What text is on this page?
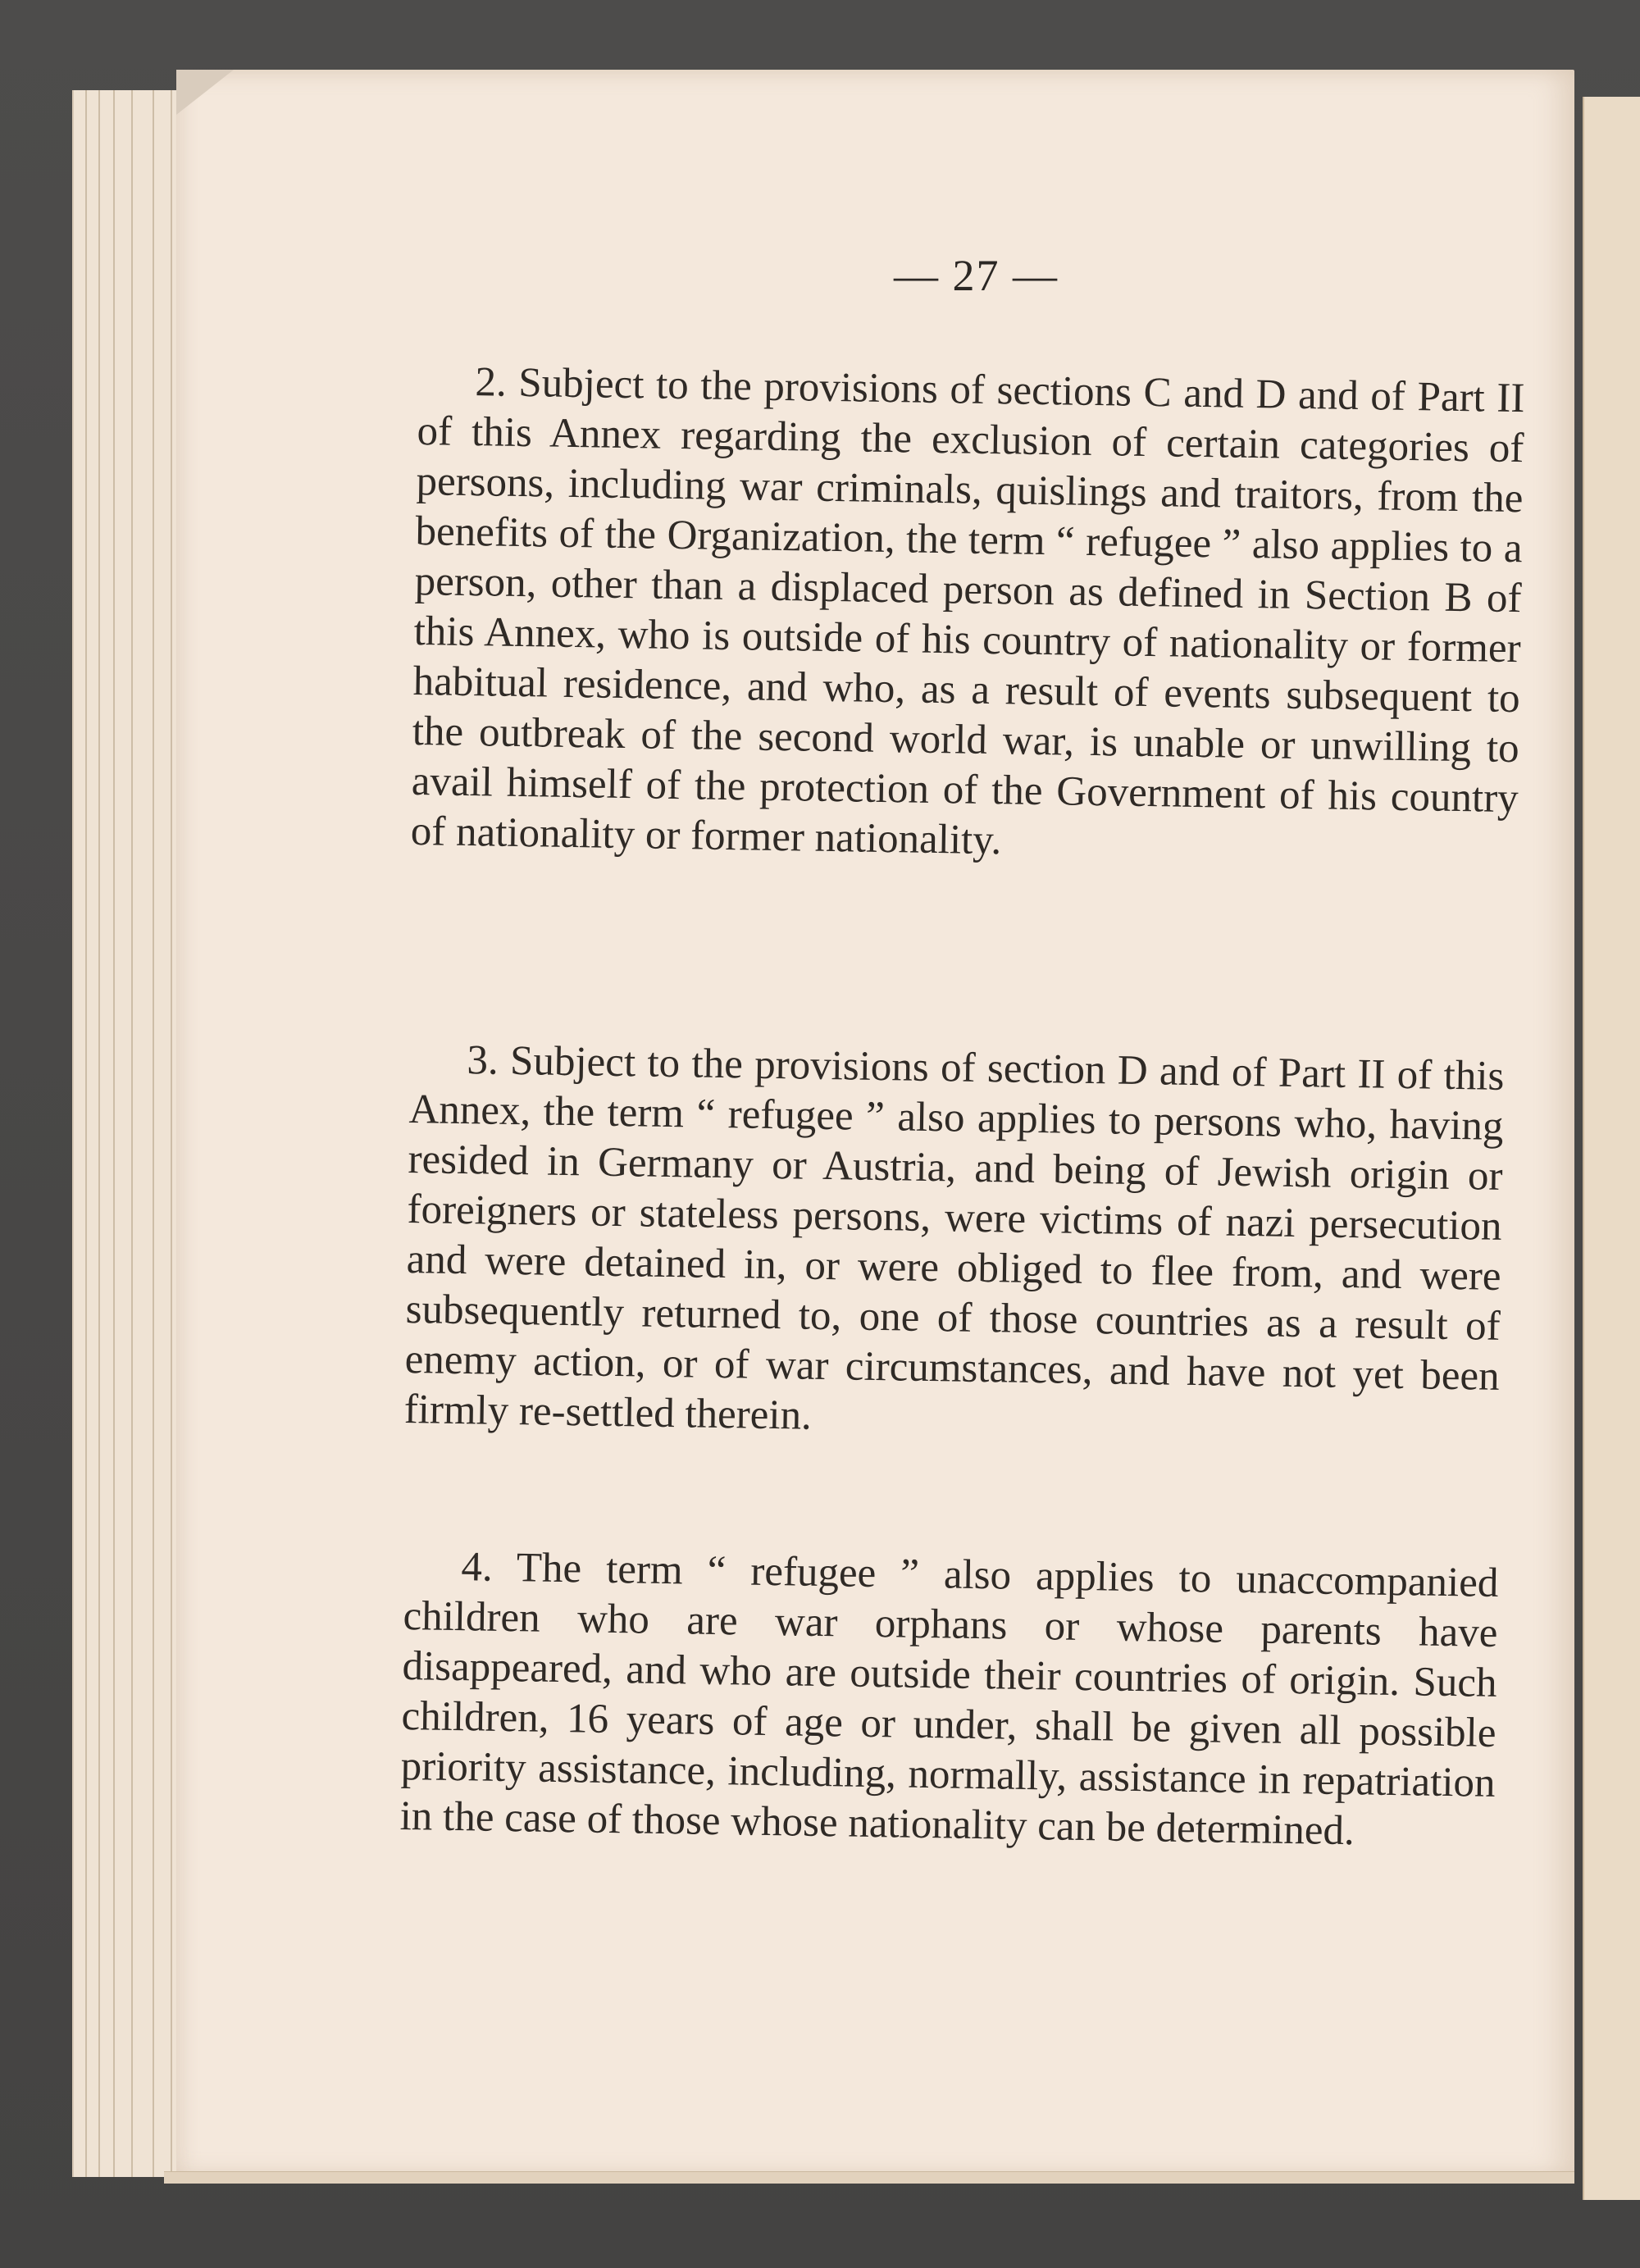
— 27 —

2. Subject to the provisions of sections C and D and of Part II of this Annex regarding the exclusion of certain categories of persons, including war criminals, quislings and traitors, from the benefits of the Organization, the term “ refugee ” also applies to a person, other than a displaced person as defined in Section B of this Annex, who is outside of his country of nationality or former habitual residence, and who, as a result of events subsequent to the outbreak of the second world war, is unable or unwilling to avail himself of the protection of the Government of his country of nationality or former nationality.

3. Subject to the provisions of section D and of Part II of this Annex, the term “ refugee ” also applies to persons who, having resided in Germany or Austria, and being of Jewish origin or foreigners or stateless persons, were victims of nazi persecution and were detained in, or were obliged to flee from, and were subsequently returned to, one of those countries as a result of enemy action, or of war circumstances, and have not yet been firmly re-settled therein.

4. The term “ refugee ” also applies to unaccompanied children who are war orphans or whose parents have disappeared, and who are outside their countries of origin. Such children, 16 years of age or under, shall be given all possible priority assistance, including, normally, assistance in repatriation in the case of those whose nationality can be determined.
